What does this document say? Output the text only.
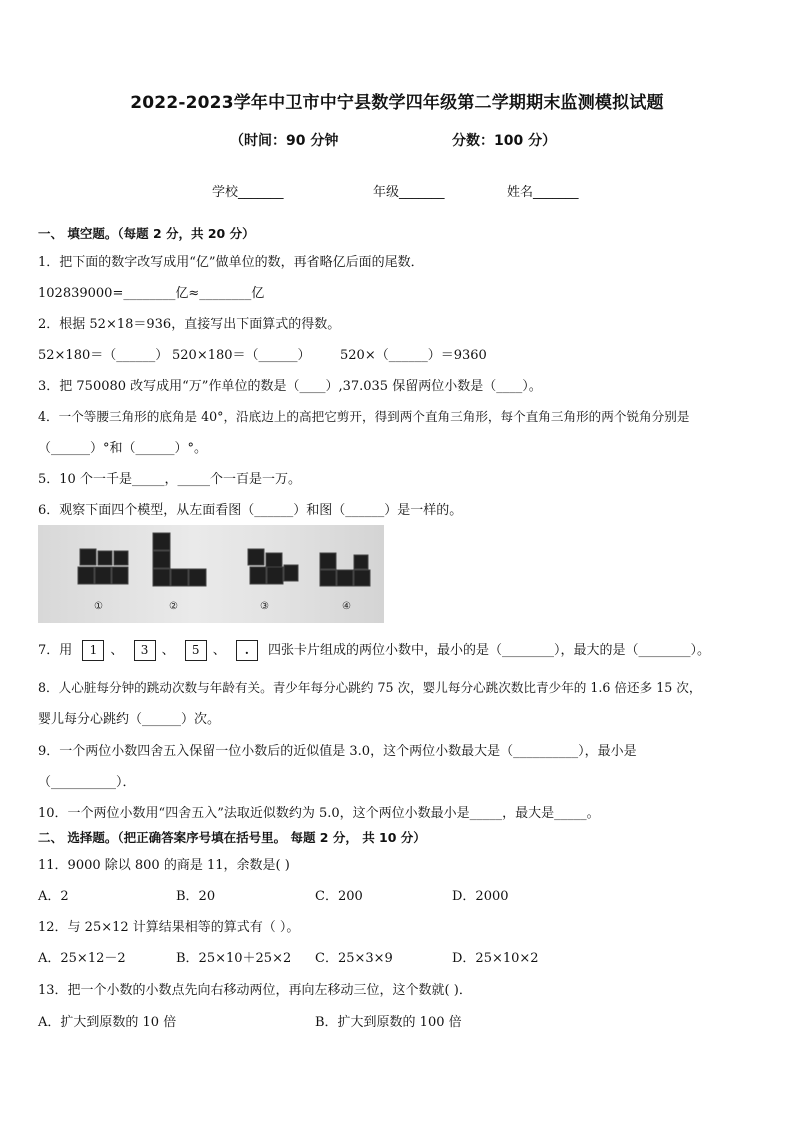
2022-2023学年中卫市中宁县数学四年级第二学期期末监测模拟试题
（时间：90 分钟	分数：100 分）
学校_______	年级_______	姓名_______
一、 填空题。（每题 2 分，共 20 分）
1．把下面的数字改写成用“亿”做单位的数，再省略亿后面的尾数．
102839000=________亿≈________亿
2．根据 52×18＝936，直接写出下面算式的得数。
52×180＝（______） 520×180＝（______） 520×（______）＝9360
3．把 750080 改写成用“万”作单位的数是（____）,37.035 保留两位小数是（____）。
4．一个等腰三角形的底角是 40°，沿底边上的高把它剪开，得到两个直角三角形，每个直角三角形的两个锐角分别是
（______）°和（______）°。
5．10 个一千是_____，_____个一百是一万。
6．观察下面四个模型，从左面看图（______）和图（______）是一样的。
①	②	③	④
7．用 1 、 3 、 5 、 . 四张卡片组成的两位小数中，最小的是（________），最大的是（________）。
8．人心脏每分钟的跳动次数与年龄有关。青少年每分心跳约 75 次，婴儿每分心跳次数比青少年的 1.6 倍还多 15 次，
婴儿每分心跳约（______）次。
9．一个两位小数四舍五入保留一位小数后的近似值是 3.0，这个两位小数最大是（__________），最小是
（__________）．
10．一个两位小数用“四舍五入”法取近似数约为 5.0，这个两位小数最小是_____，最大是_____。
二、 选择题。（把正确答案序号填在括号里。 每题 2 分， 共 10 分）
11．9000 除以 800 的商是 11，余数是( )
A．2	B．20	C．200	D．2000
12．与 25×12 计算结果相等的算式有（ ）。
A．25×12－2	B．25×10＋25×2 C．25×3×9	D．25×10×2
13．把一个小数的小数点先向右移动两位，再向左移动三位，这个数就( )．
A．扩大到原数的 10 倍	B．扩大到原数的 100 倍
